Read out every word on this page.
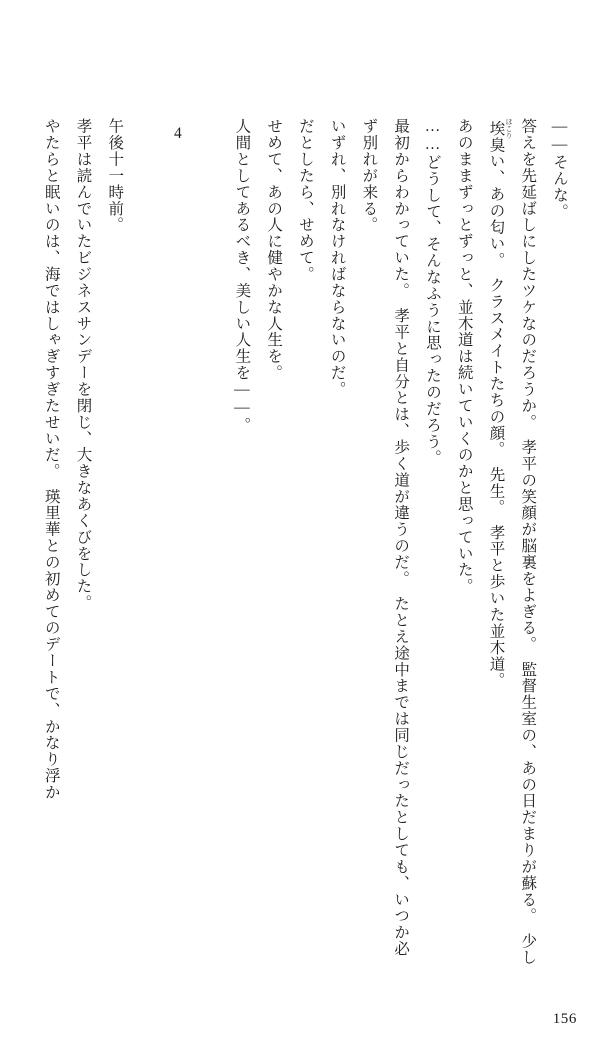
――そんな。

答えを先延ばしにしたツケなのだろうか。　孝平の笑顔が脳裏をよぎる。　監督生室の、あの日だまりが蘇る。　少し埃 ほこり臭い、あの匂い。　クラスメイトたちの顔。　先生。　孝平と歩いた並木道。

あのままずっとずっと、並木道は続いていくのかと思っていた。

……どうして、そんなふうに思ったのだろう。

最初からわかっていた。　孝平と自分とは、歩く道が違うのだ。　たとえ途中までは同じだったとしても、いつか必ず別れが来る。

いずれ、別れなければならないのだ。

だとしたら、せめて。

せめて、あの人に健やかな人生を。

人間としてあるべき、美しい人生を――。

4

午後十一時前。

孝平は読んでいたビジネスサンデーを閉じ、大きなあくびをした。

やたらと眠いのは、海ではしゃぎすぎたせいだ。　瑛里華との初めてのデートで、かなり浮か

156
